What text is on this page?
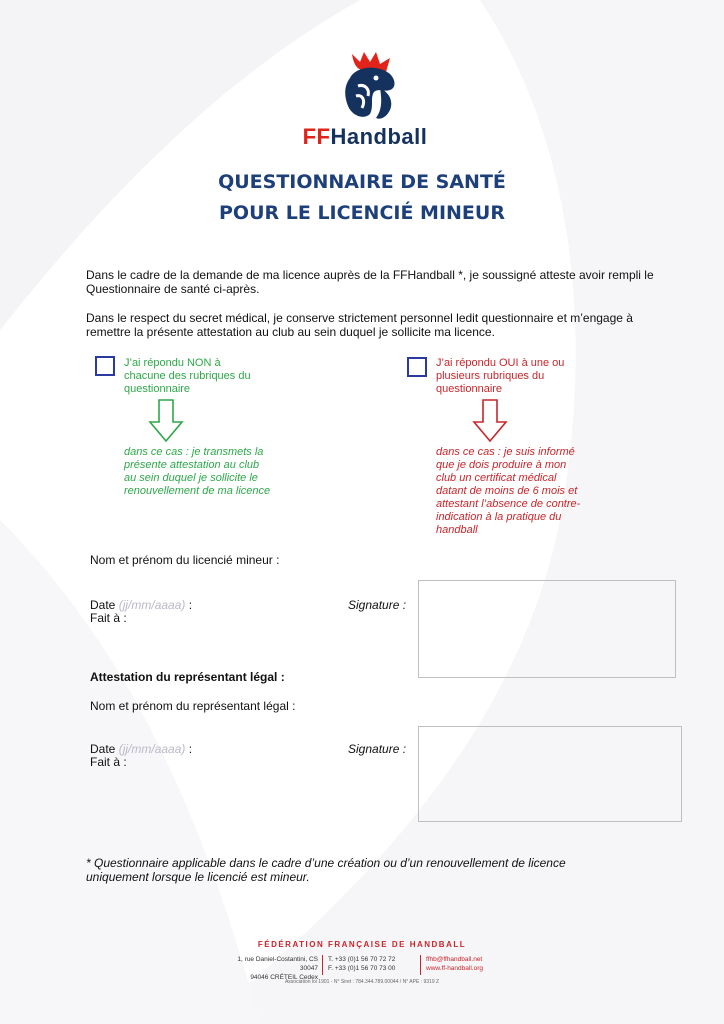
FFHandball
QUESTIONNAIRE DE SANTÉ
POUR LE LICENCIÉ MINEUR
Dans le cadre de la demande de ma licence auprès de la FFHandball *, je soussigné atteste avoir rempli le Questionnaire de santé ci-après.
Dans le respect du secret médical, je conserve strictement personnel ledit questionnaire et m’engage à remettre la présente attestation au club au sein duquel je sollicite ma licence.
J’ai répondu NON à chacune des rubriques du questionnaire
dans ce cas : je transmets la présente attestation au club au sein duquel je sollicite le renouvellement de ma licence
J’ai répondu OUI à une ou plusieurs rubriques du questionnaire
dans ce cas : je suis informé que je dois produire à mon club un certificat médical datant de moins de 6 mois et attestant l’absence de contre-indication à la pratique du handball
Nom et prénom du licencié mineur :
Date (jj/mm/aaaa) :
Fait à :
Signature :
Attestation du représentant légal :
Nom et prénom du représentant légal :
Date (jj/mm/aaaa) :
Fait à :
Signature :
* Questionnaire applicable dans le cadre d’une création ou d’un renouvellement de licence uniquement lorsque le licencié est mineur.
FÉDÉRATION FRANÇAISE DE HANDBALL
1, rue Daniel-Costantini, CS 30047
94046 CRÉTEIL Cedex
T. +33 (0)1 56 70 72 72
F. +33 (0)1 56 70 73 00
ffhb@ffhandball.net
www.ff-handball.org
Association loi 1901 - N° Siret : 784.344.789.00044 / N° APE : 9319 Z
